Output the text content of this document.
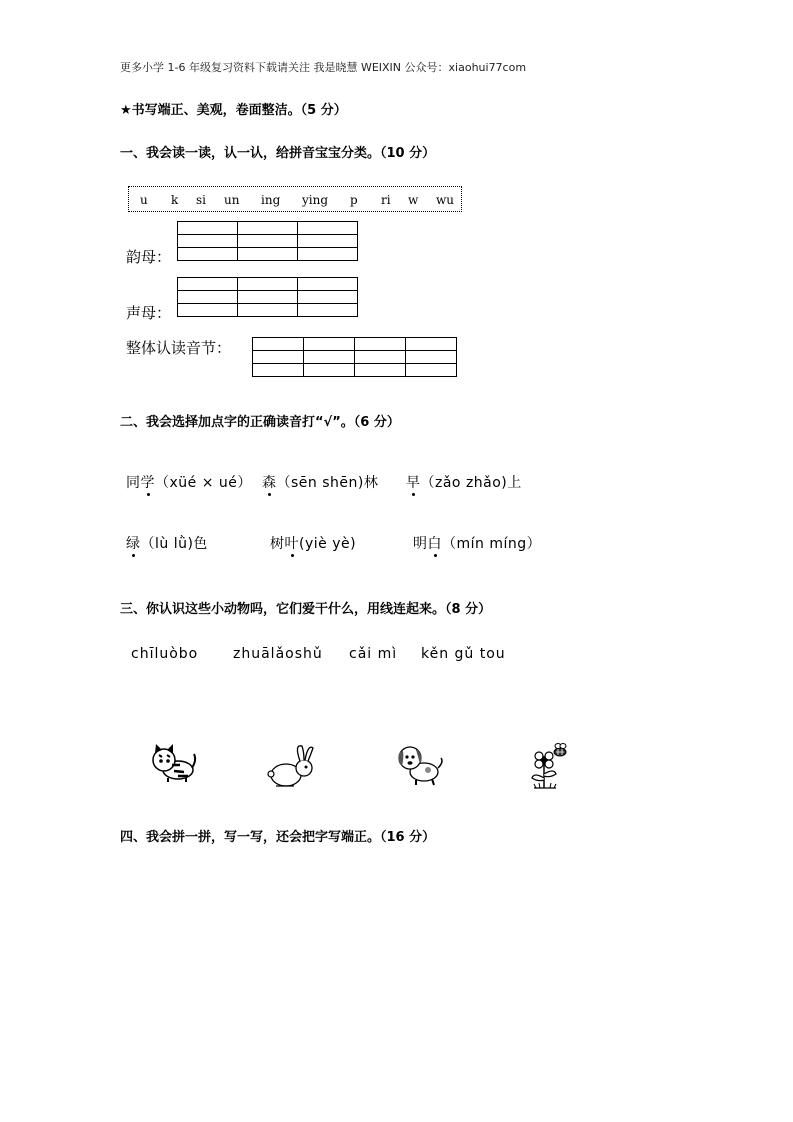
更多小学 1-6 年级复习资料下载请关注 我是晓慧 WEIXIN 公众号：xiaohui77com
★书写端正、美观，卷面整洁。（5 分）
一、我会读一读，认一认，给拼音宝宝分类。（10 分）
u k si un ing ying p ri w wu
韵母：

声母：

整体认读音节：

二、我会选择加点字的正确读音打“√”。（6 分）
同学（xüé × ué） 森（sēn shēn)林 早（zǎo zhǎo)上
绿（lù lǜ)色	树叶(yiè yè)	明白（mín míng）
三、你认识这些小动物吗，它们爱干什么，用线连起来。（8 分）
chīluòbo zhuālǎoshǔ cǎi mì kěn gǔ tou
四、我会拼一拼，写一写，还会把字写端正。（16 分）
